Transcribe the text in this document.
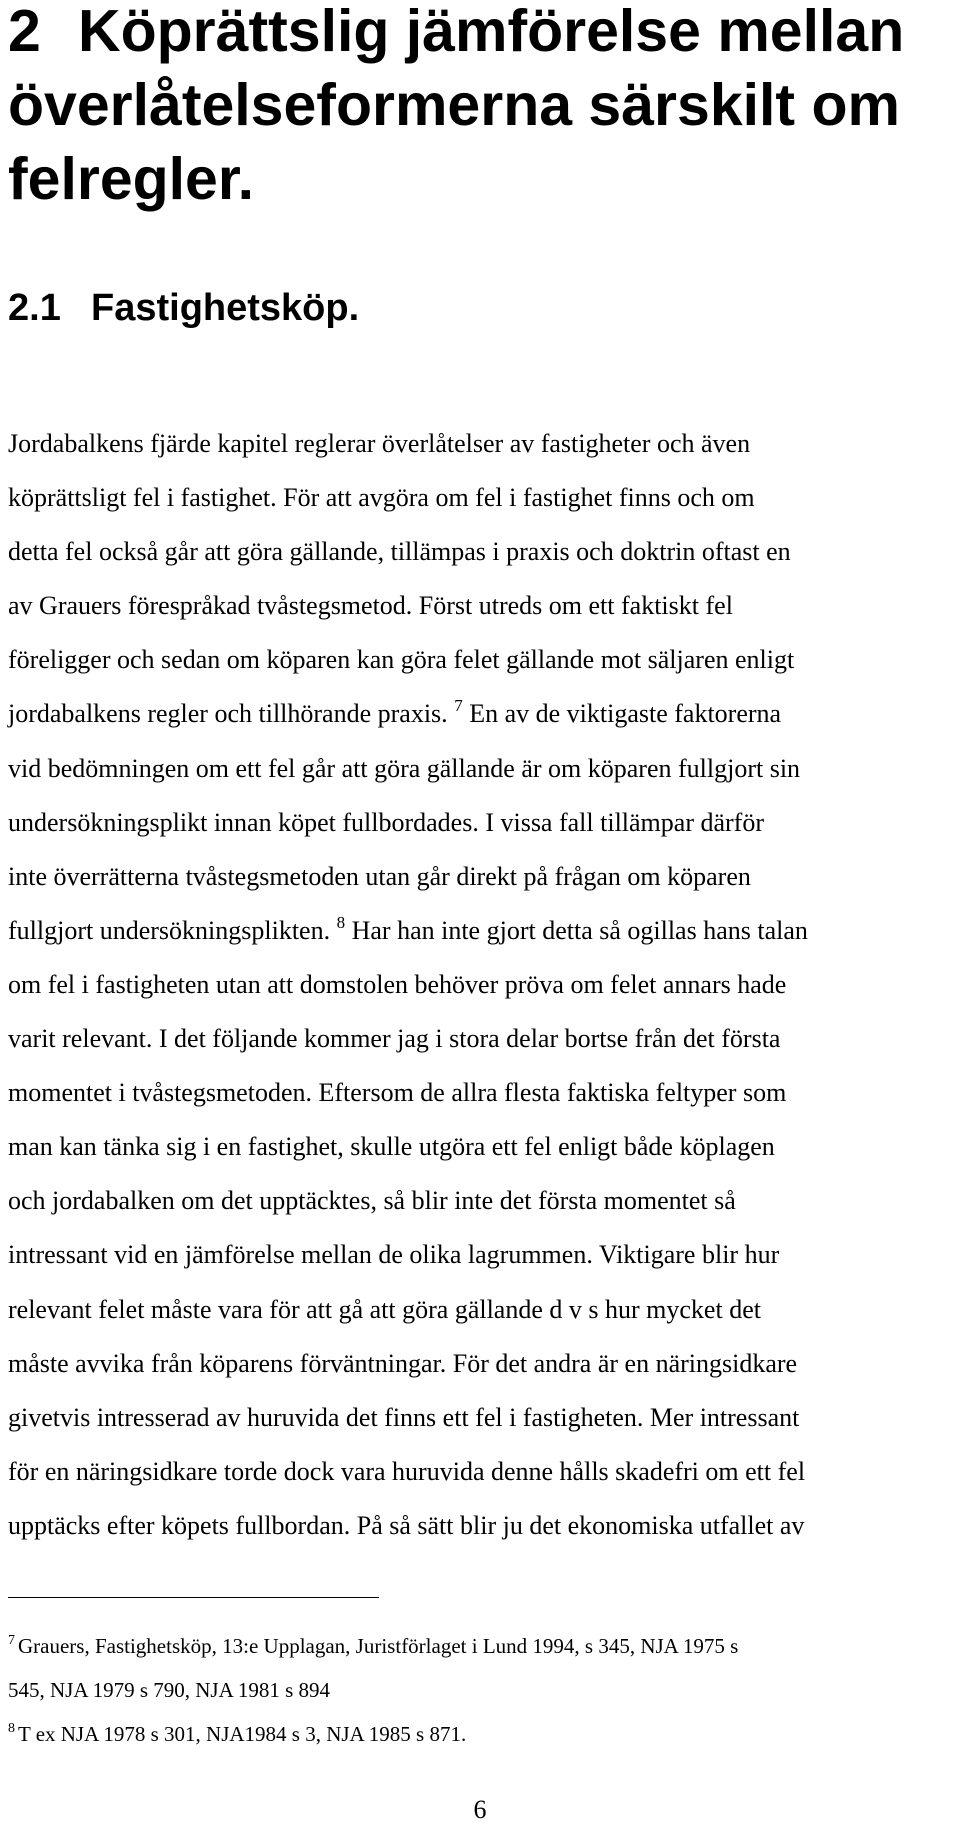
2 Köprättslig jämförelse mellan
överlåtelseformerna särskilt om
felregler.
2.1 Fastighetsköp.
Jordabalkens fjärde kapitel reglerar överlåtelser av fastigheter och även
köprättsligt fel i fastighet. För att avgöra om fel i fastighet finns och om
detta fel också går att göra gällande, tillämpas i praxis och doktrin oftast en
av Grauers förespråkad tvåstegsmetod. Först utreds om ett faktiskt fel
föreligger och sedan om köparen kan göra felet gällande mot säljaren enligt
jordabalkens regler och tillhörande praxis. $^7$ En av de viktigaste faktorerna
vid bedömningen om ett fel går att göra gällande är om köparen fullgjort sin
undersökningsplikt innan köpet fullbordades. I vissa fall tillämpar därför
inte överrätterna tvåstegsmetoden utan går direkt på frågan om köparen
fullgjort undersökningsplikten. $^8$ Har han inte gjort detta så ogillas hans talan
om fel i fastigheten utan att domstolen behöver pröva om felet annars hade
varit relevant. I det följande kommer jag i stora delar bortse från det första
momentet i tvåstegsmetoden. Eftersom de allra flesta faktiska feltyper som
man kan tänka sig i en fastighet, skulle utgöra ett fel enligt både köplagen
och jordabalken om det upptäcktes, så blir inte det första momentet så
intressant vid en jämförelse mellan de olika lagrummen. Viktigare blir hur
relevant felet måste vara för att gå att göra gällande d v s hur mycket det
måste avvika från köparens förväntningar. För det andra är en näringsidkare
givetvis intresserad av huruvida det finns ett fel i fastigheten. Mer intressant
för en näringsidkare torde dock vara huruvida denne hålls skadefri om ett fel
upptäcks efter köpets fullbordan. På så sätt blir ju det ekonomiska utfallet av
$^7$ Grauers, Fastighetsköp, 13:e Upplagan, Juristförlaget i Lund 1994, s 345, NJA 1975 s
545, NJA 1979 s 790, NJA 1981 s 894
$^8$ T ex NJA 1978 s 301, NJA1984 s 3, NJA 1985 s 871.
6
